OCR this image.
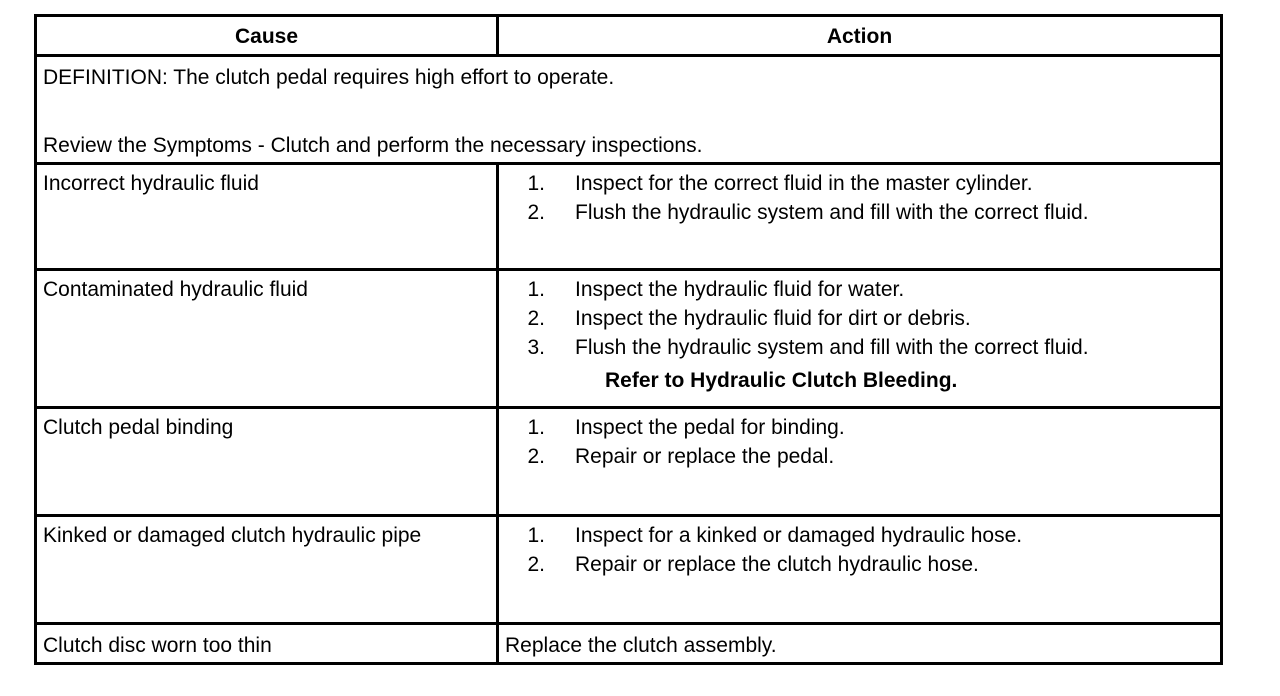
Cause	Action
DEFINITION: The clutch pedal requires high effort to operate.
Review the Symptoms - Clutch and perform the necessary inspections.
Incorrect hydraulic fluid	1.	Inspect for the correct fluid in the master cylinder.
2.	Flush the hydraulic system and fill with the correct fluid.
Contaminated hydraulic fluid	1.	Inspect the hydraulic fluid for water.
2.	Inspect the hydraulic fluid for dirt or debris.
3.	Flush the hydraulic system and fill with the correct fluid.
Refer to Hydraulic Clutch Bleeding.
Clutch pedal binding	1.	Inspect the pedal for binding.
2.	Repair or replace the pedal.
Kinked or damaged clutch hydraulic pipe	1.	Inspect for a kinked or damaged hydraulic hose.
2.	Repair or replace the clutch hydraulic hose.
Clutch disc worn too thin	Replace the clutch assembly.
